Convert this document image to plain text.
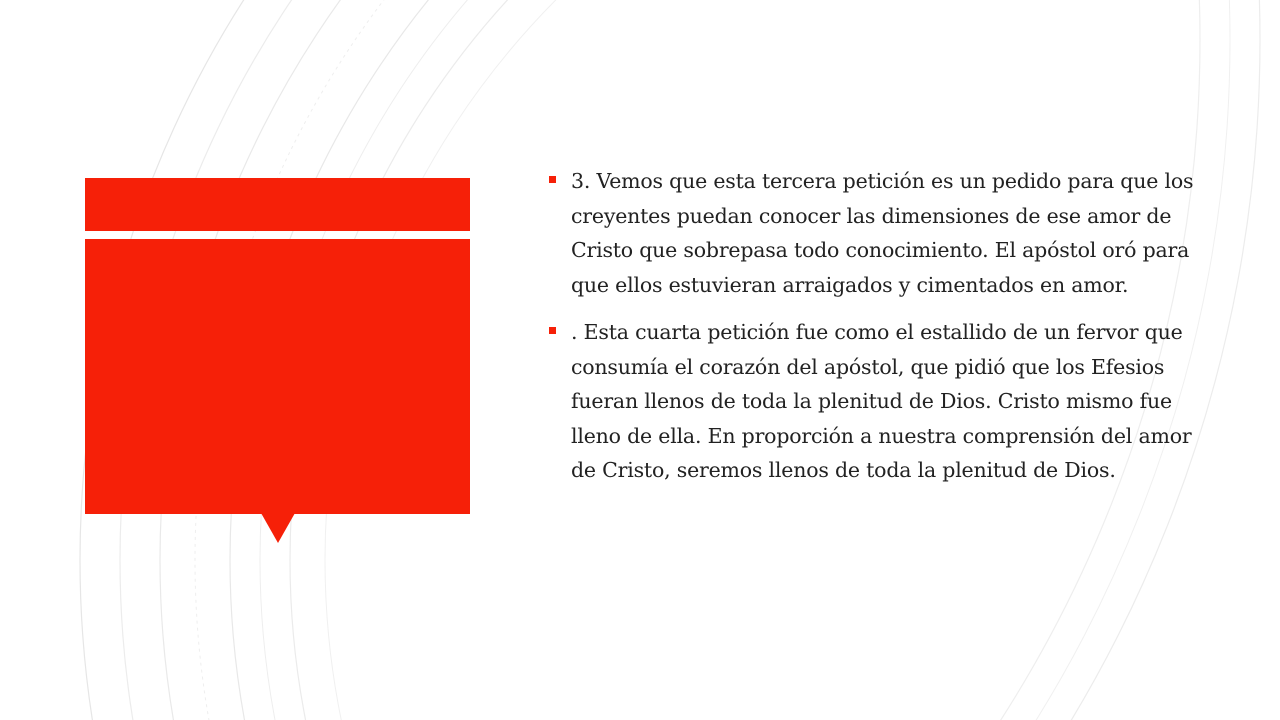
3. Vemos que esta tercera petición es un pedido para que los creyentes puedan conocer las dimensiones de ese amor de Cristo que sobrepasa todo conocimiento. El apóstol oró para que ellos estuvieran arraigados y cimentados en amor.
. Esta cuarta petición fue como el estallido de un fervor que consumía el corazón del apóstol, que pidió que los Efesios fueran llenos de toda la plenitud de Dios. Cristo mismo fue lleno de ella. En proporción a nuestra comprensión del amor de Cristo, seremos llenos de toda la plenitud de Dios.
